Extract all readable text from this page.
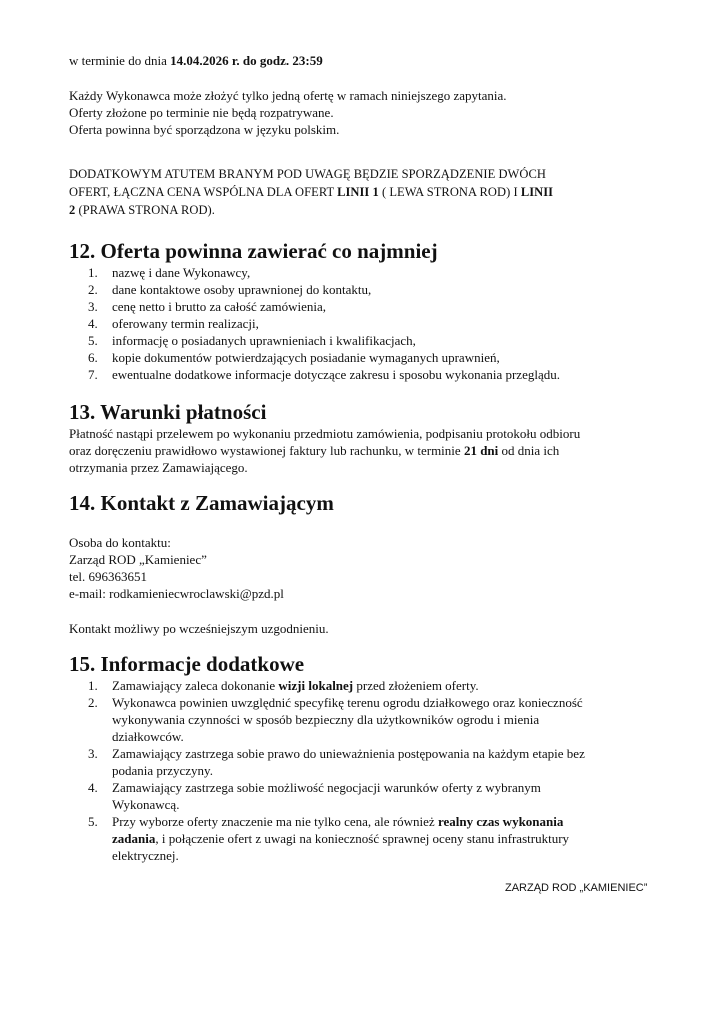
w terminie do dnia 14.04.2026 r. do godz. 23:59
Każdy Wykonawca może złożyć tylko jedną ofertę w ramach niniejszego zapytania.
Oferty złożone po terminie nie będą rozpatrywane.
Oferta powinna być sporządzona w języku polskim.
DODATKOWYM ATUTEM BRANYM POD UWAGĘ BĘDZIE SPORZĄDZENIE DWÓCH
OFERT, ŁĄCZNA CENA WSPÓLNA DLA OFERT LINII 1 ( LEWA STRONA ROD) I LINII
2 (PRAWA STRONA ROD).
12. Oferta powinna zawierać co najmniej
1. nazwę i dane Wykonawcy,
2. dane kontaktowe osoby uprawnionej do kontaktu,
3. cenę netto i brutto za całość zamówienia,
4. oferowany termin realizacji,
5. informację o posiadanych uprawnieniach i kwalifikacjach,
6. kopie dokumentów potwierdzających posiadanie wymaganych uprawnień,
7. ewentualne dodatkowe informacje dotyczące zakresu i sposobu wykonania przeglądu.
13. Warunki płatności
Płatność nastąpi przelewem po wykonaniu przedmiotu zamówienia, podpisaniu protokołu odbioru
oraz doręczeniu prawidłowo wystawionej faktury lub rachunku, w terminie 21 dni od dnia ich
otrzymania przez Zamawiającego.
14. Kontakt z Zamawiającym
Osoba do kontaktu:
Zarząd ROD „Kamieniec”
tel. 696363651
e-mail: rodkamieniecwroclawski@pzd.pl
Kontakt możliwy po wcześniejszym uzgodnieniu.
15. Informacje dodatkowe
1. Zamawiający zaleca dokonanie wizji lokalnej przed złożeniem oferty.
2. Wykonawca powinien uwzględnić specyfikę terenu ogrodu działkowego oraz konieczność
wykonywania czynności w sposób bezpieczny dla użytkowników ogrodu i mienia
działkowców.
3. Zamawiający zastrzega sobie prawo do unieważnienia postępowania na każdym etapie bez
podania przyczyny.
4. Zamawiający zastrzega sobie możliwość negocjacji warunków oferty z wybranym
Wykonawcą.
5. Przy wyborze oferty znaczenie ma nie tylko cena, ale również realny czas wykonania
zadania, i połączenie ofert z uwagi na konieczność sprawnej oceny stanu infrastruktury
elektrycznej.
ZARZĄD ROD „KAMIENIEC”
